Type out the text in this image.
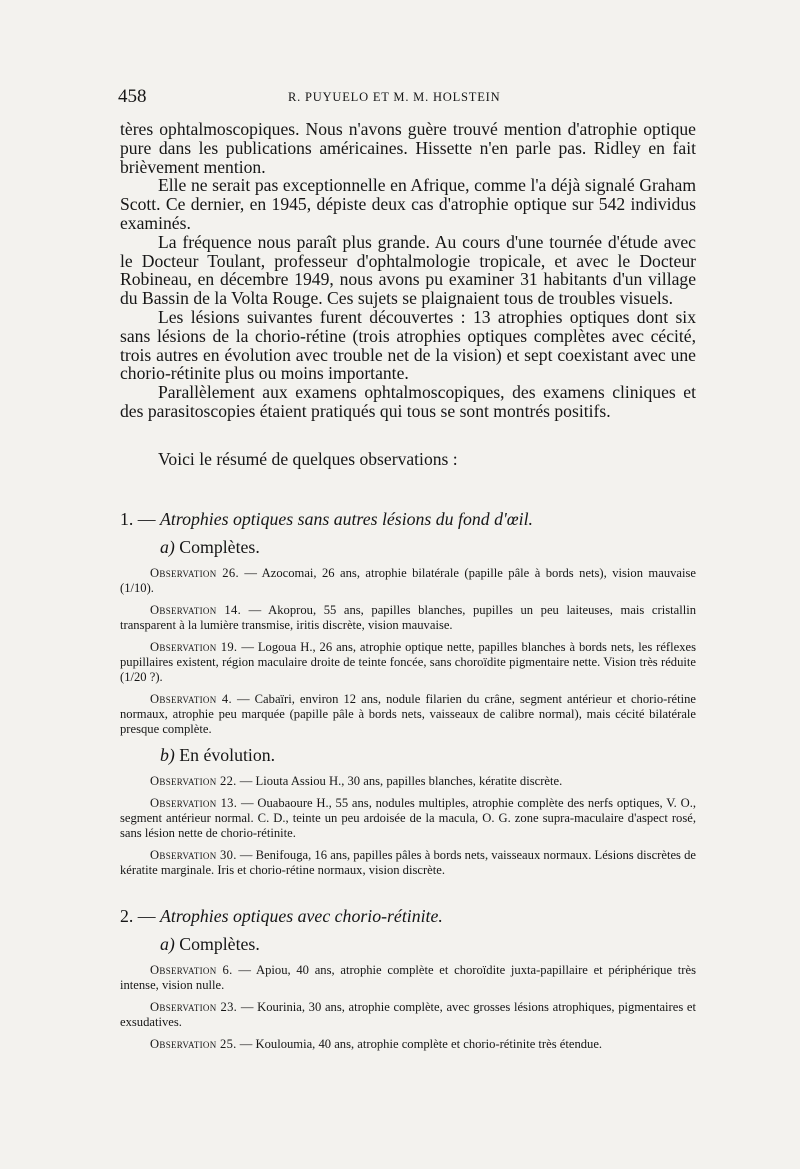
458	R. PUYUELO ET M. M. HOLSTEIN

tères ophtalmoscopiques. Nous n'avons guère trouvé mention d'atrophie optique pure dans les publications américaines. Hissette n'en parle pas. Ridley en fait brièvement mention.

Elle ne serait pas exceptionnelle en Afrique, comme l'a déjà signalé Graham Scott. Ce dernier, en 1945, dépiste deux cas d'atrophie optique sur 542 individus examinés.

La fréquence nous paraît plus grande. Au cours d'une tournée d'étude avec le Docteur Toulant, professeur d'ophtalmologie tropicale, et avec le Docteur Robineau, en décembre 1949, nous avons pu examiner 31 habitants d'un village du Bassin de la Volta Rouge. Ces sujets se plaignaient tous de troubles visuels.

Les lésions suivantes furent découvertes : 13 atrophies optiques dont six sans lésions de la chorio-rétine (trois atrophies optiques complètes avec cécité, trois autres en évolution avec trouble net de la vision) et sept coexistant avec une chorio-rétinite plus ou moins importante.

Parallèlement aux examens ophtalmoscopiques, des examens cliniques et des parasitoscopies étaient pratiqués qui tous se sont montrés positifs.

Voici le résumé de quelques observations :

1. — Atrophies optiques sans autres lésions du fond d'œil.

a) Complètes.

Observation 26. — Azocomai, 26 ans, atrophie bilatérale (papille pâle à bords nets), vision mauvaise (1/10).

Observation 14. — Akoprou, 55 ans, papilles blanches, pupilles un peu laiteuses, mais cristallin transparent à la lumière transmise, iritis discrète, vision mauvaise.

Observation 19. — Logoua H., 26 ans, atrophie optique nette, papilles blanches à bords nets, les réflexes pupillaires existent, région maculaire droite de teinte foncée, sans choroïdite pigmentaire nette. Vision très réduite (1/20 ?).

Observation 4. — Cabaïri, environ 12 ans, nodule filarien du crâne, segment antérieur et chorio-rétine normaux, atrophie peu marquée (papille pâle à bords nets, vaisseaux de calibre normal), mais cécité bilatérale presque complète.

b) En évolution.

Observation 22. — Liouta Assiou H., 30 ans, papilles blanches, kératite discrète.

Observation 13. — Ouabaoure H., 55 ans, nodules multiples, atrophie complète des nerfs optiques, V. O., segment antérieur normal. C. D., teinte un peu ardoisée de la macula, O. G. zone supra-maculaire d'aspect rosé, sans lésion nette de chorio-rétinite.

Observation 30. — Benifouga, 16 ans, papilles pâles à bords nets, vaisseaux normaux. Lésions discrètes de kératite marginale. Iris et chorio-rétine normaux, vision discrète.

2. — Atrophies optiques avec chorio-rétinite.

a) Complètes.

Observation 6. — Apiou, 40 ans, atrophie complète et choroïdite juxta-papillaire et périphérique très intense, vision nulle.

Observation 23. — Kourinia, 30 ans, atrophie complète, avec grosses lésions atrophiques, pigmentaires et exsudatives.

Observation 25. — Kouloumia, 40 ans, atrophie complète et chorio-rétinite très étendue.
